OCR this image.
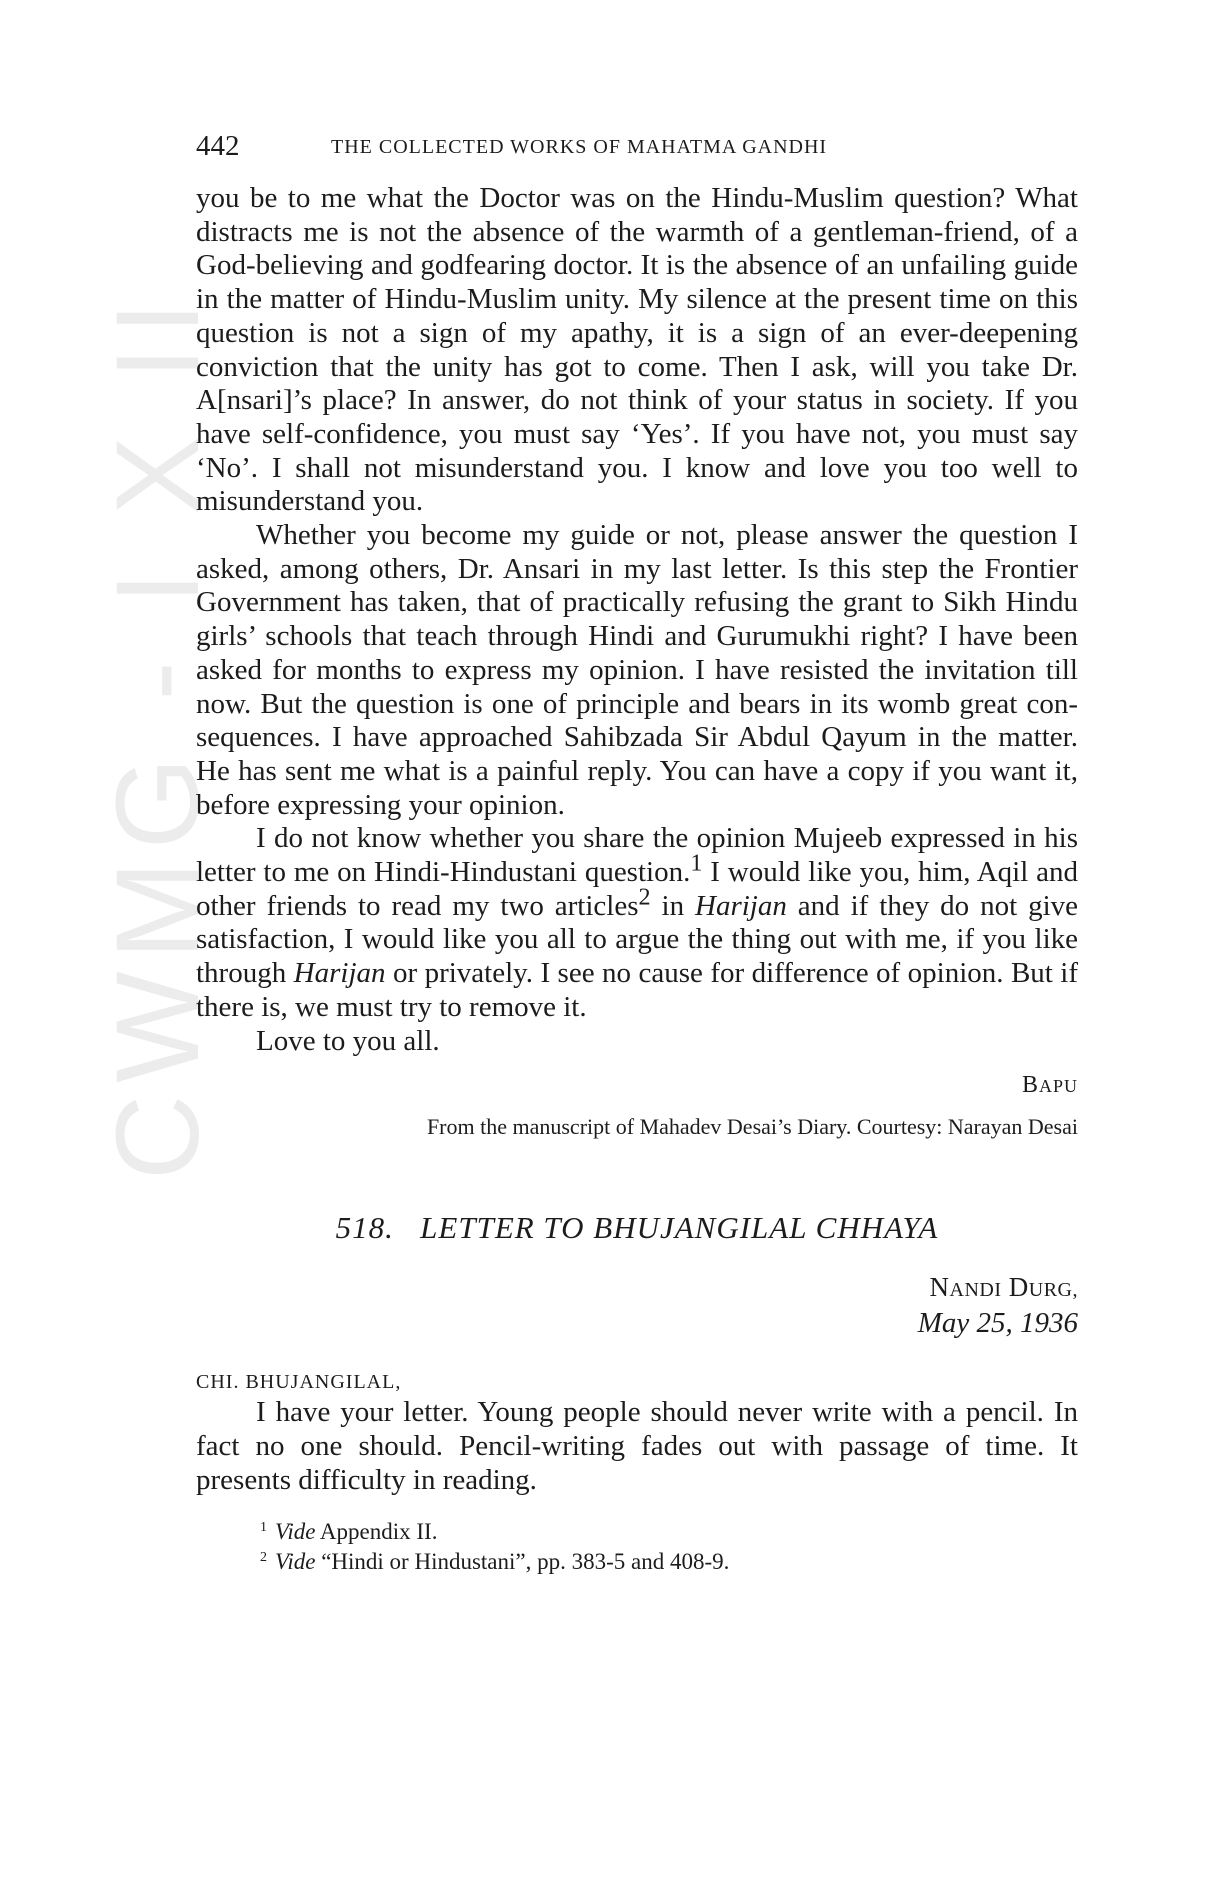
CWMG - I X II
442	THE COLLECTED WORKS OF MAHATMA GANDHI

you be to me what the Doctor was on the Hindu-Muslim question? What distracts me is not the absence of the warmth of a gentleman-friend, of a God-believing and godfearing doctor. It is the absence of an unfailing guide in the matter of Hindu-Muslim unity. My silence at the present time on this question is not a sign of my apathy, it is a sign of an ever-deepening conviction that the unity has got to come. Then I ask, will you take Dr. A[nsari]’s place? In answer, do not think of your status in society. If you have self-confidence, you must say ‘Yes’. If you have not, you must say ‘No’. I shall not misunderstand you. I know and love you too well to misunderstand you.

Whether you become my guide or not, please answer the question I asked, among others, Dr. Ansari in my last letter. Is this step the Frontier Government has taken, that of practically refusing the grant to Sikh Hindu girls’ schools that teach through Hindi and Gurumukhi right? I have been asked for months to express my opinion. I have resisted the invitation till now. But the question is one of principle and bears in its womb great consequences. I have approached Sahibzada Sir Abdul Qayum in the matter. He has sent me what is a painful reply. You can have a copy if you want it, before expressing your opinion.

I do not know whether you share the opinion Mujeeb expressed in his letter to me on Hindi-Hindustani question.$^1$ I would like you, him, Aqil and other friends to read my two articles$^2$ in Harijan and if they do not give satisfaction, I would like you all to argue the thing out with me, if you like through Harijan or privately. I see no cause for difference of opinion. But if there is, we must try to remove it.

Love to you all.

BAPU
From the manuscript of Mahadev Desai’s Diary. Courtesy: Narayan Desai
518. LETTER TO BHUJANGILAL CHHAYA
NANDI DURG,
May 25, 1936
CHI. BHUJANGILAL,

I have your letter. Young people should never write with a pencil. In fact no one should. Pencil-writing fades out with passage of time. It presents difficulty in reading.

$^1$ Vide Appendix II.
$^2$ Vide “Hindi or Hindustani”, pp. 383-5 and 408-9.
